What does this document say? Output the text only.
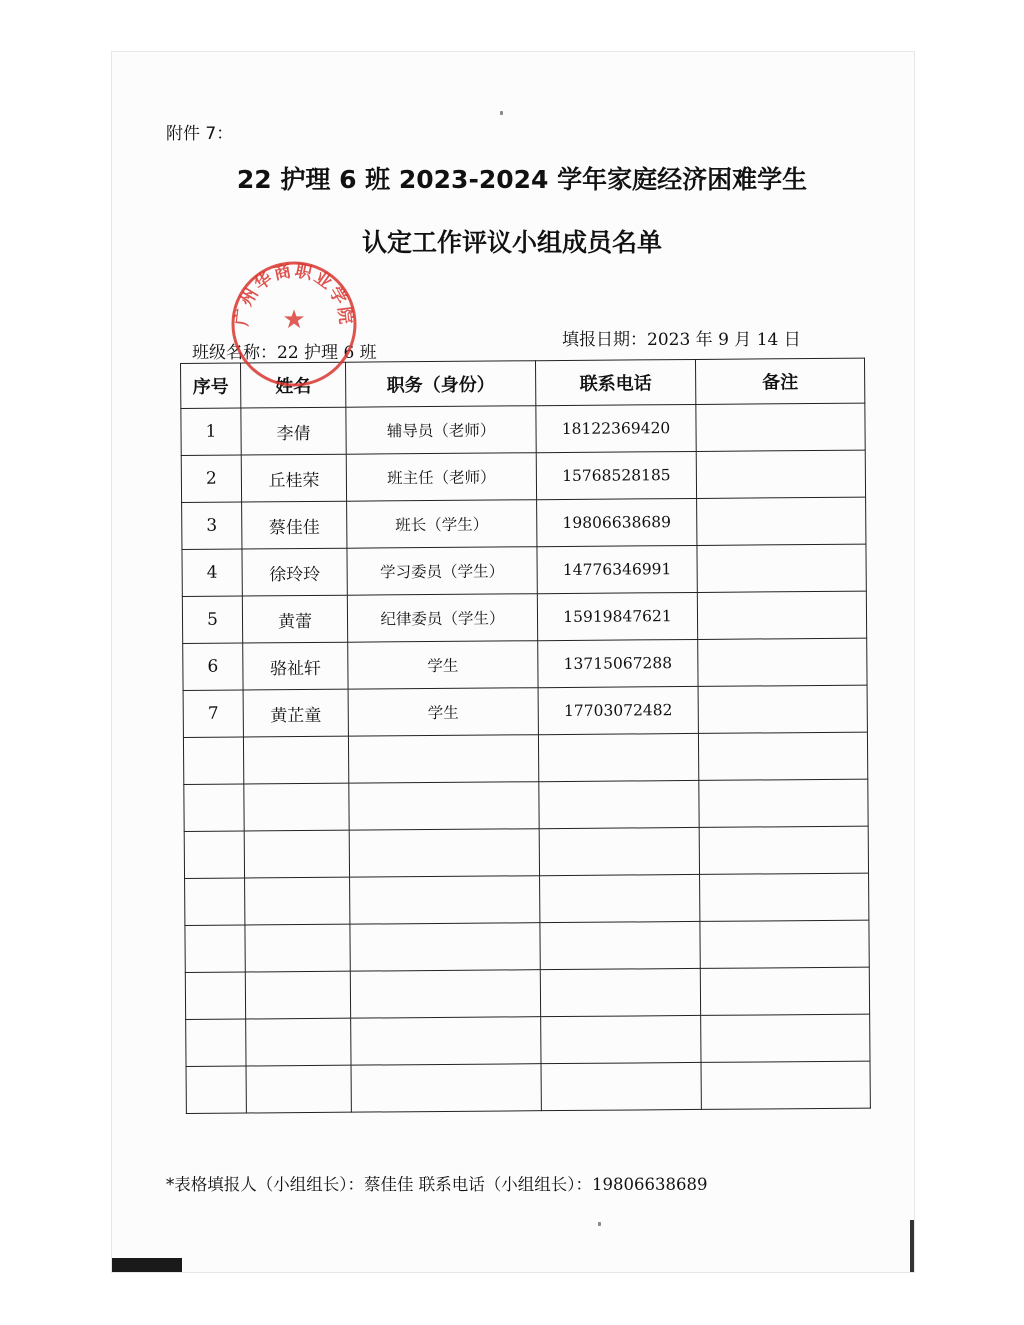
附件 7：
22 护理 6 班 2023-2024 学年家庭经济困难学生
认定工作评议小组成员名单
班级名称：22 护理 6 班
填报日期：2023 年 9 月 14 日
序号	姓名	职务（身份）	联系电话	备注
1	李倩	辅导员（老师）	18122369420	
2	丘桂荣	班主任（老师）	15768528185	
3	蔡佳佳	班长（学生）	19806638689	
4	徐玲玲	学习委员（学生）	14776346991	
5	黄蕾	纪律委员（学生）	15919847621	
6	骆祉轩	学生	13715067288	
7	黄芷童	学生	17703072482	

广州华商职业学院
★
*表格填报人（小组组长）：蔡佳佳 联系电话（小组组长）：19806638689
